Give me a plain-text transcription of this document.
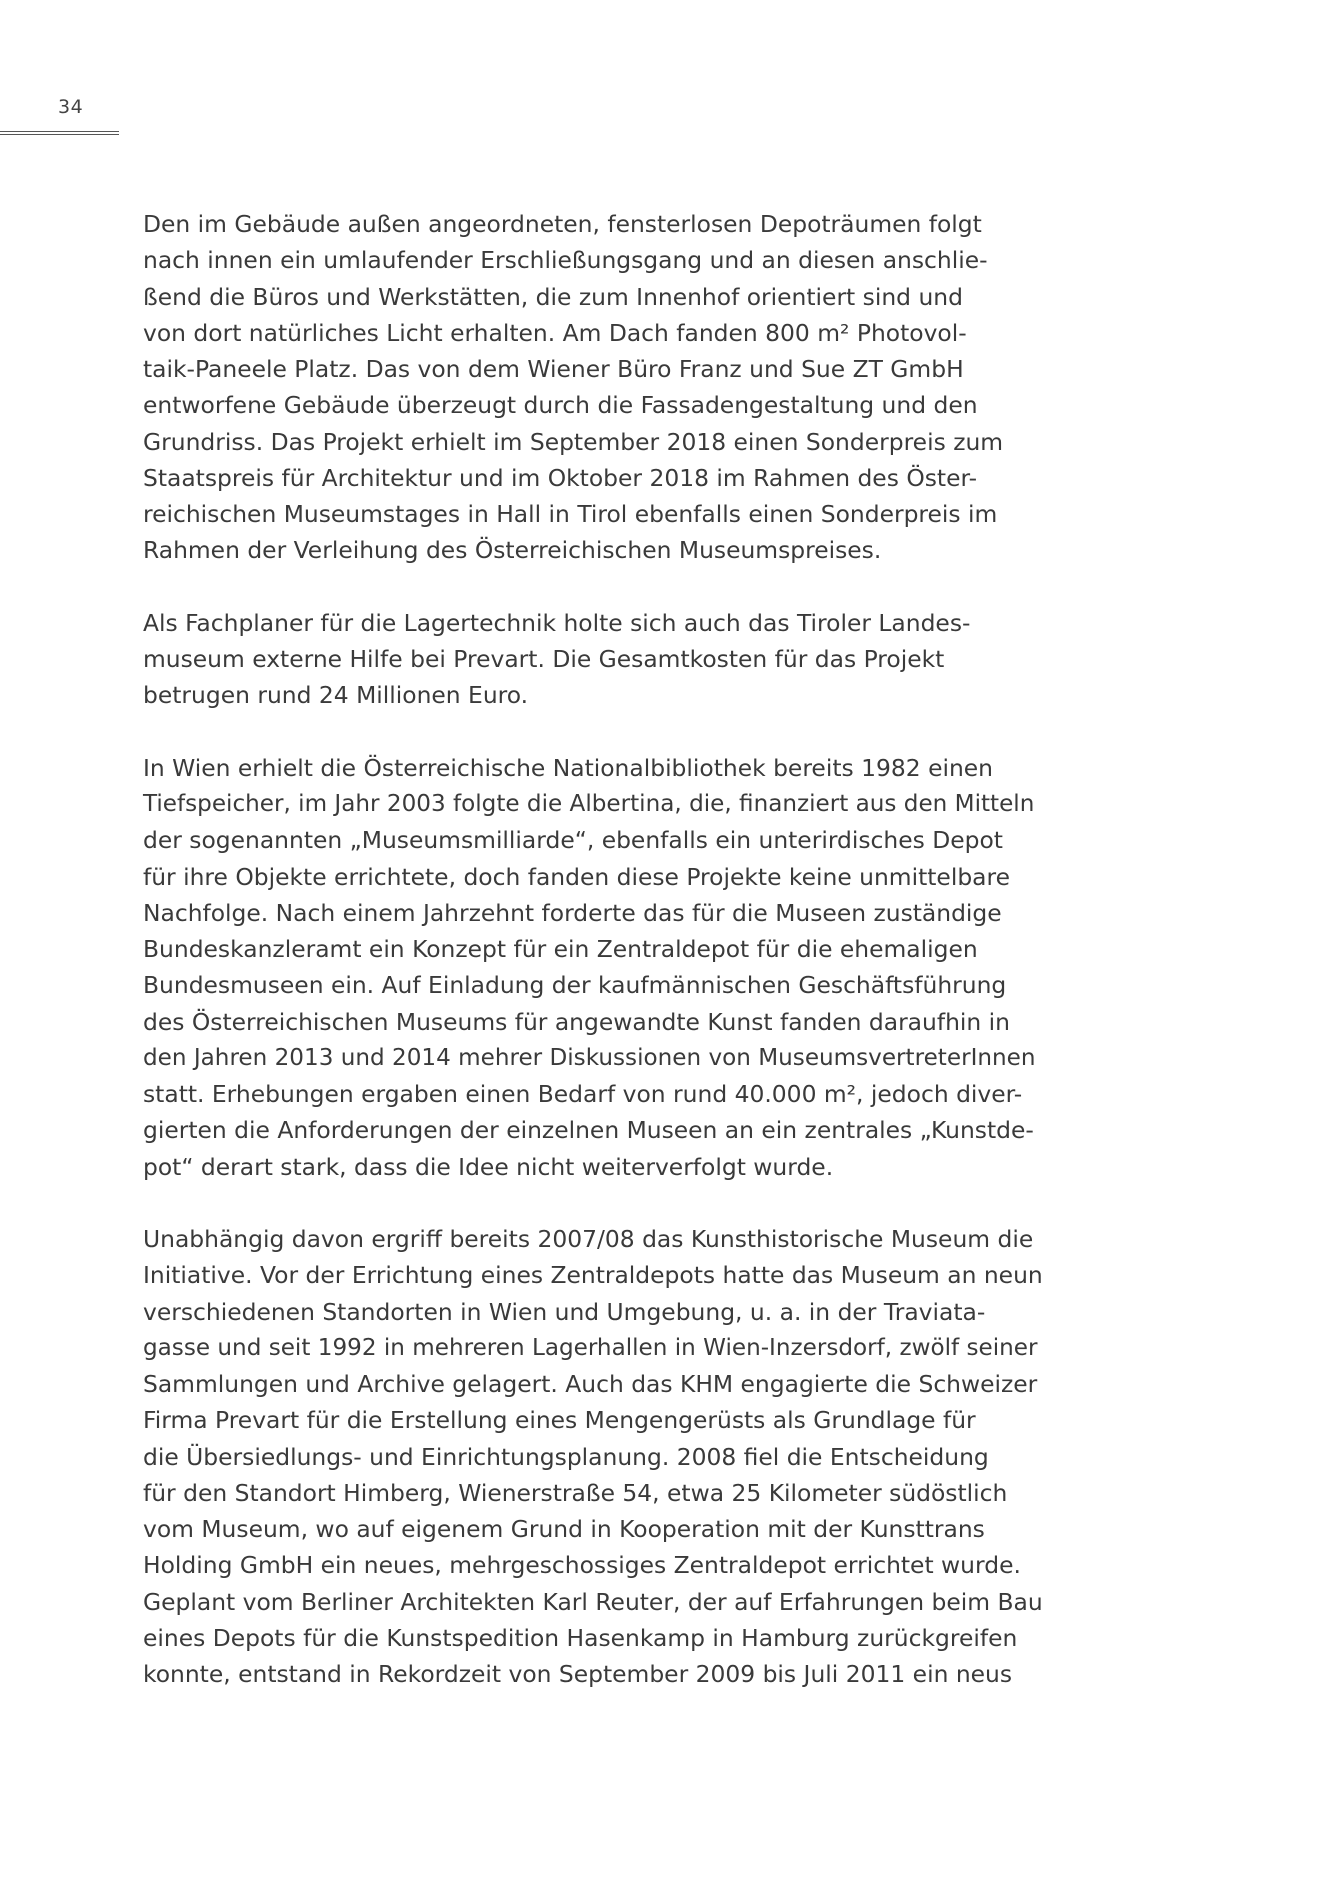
34
Den im Gebäude außen angeordneten, fensterlosen Depoträumen folgt
nach innen ein umlaufender Erschließungsgang und an diesen anschlie-
ßend die Büros und Werkstätten, die zum Innenhof orientiert sind und
von dort natürliches Licht erhalten. Am Dach fanden 800 m² Photovol-
taik-Paneele Platz. Das von dem Wiener Büro Franz und Sue ZT GmbH
entworfene Gebäude überzeugt durch die Fassadengestaltung und den
Grundriss. Das Projekt erhielt im September 2018 einen Sonderpreis zum
Staatspreis für Architektur und im Oktober 2018 im Rahmen des Öster-
reichischen Museumstages in Hall in Tirol ebenfalls einen Sonderpreis im
Rahmen der Verleihung des Österreichischen Museumspreises.
Als Fachplaner für die Lagertechnik holte sich auch das Tiroler Landes-
museum externe Hilfe bei Prevart. Die Gesamtkosten für das Projekt
betrugen rund 24 Millionen Euro.
In Wien erhielt die Österreichische Nationalbibliothek bereits 1982 einen
Tiefspeicher, im Jahr 2003 folgte die Albertina, die, finanziert aus den Mitteln
der sogenannten „Museumsmilliarde“, ebenfalls ein unterirdisches Depot
für ihre Objekte errichtete, doch fanden diese Projekte keine unmittelbare
Nachfolge. Nach einem Jahrzehnt forderte das für die Museen zuständige
Bundeskanzleramt ein Konzept für ein Zentraldepot für die ehemaligen
Bundesmuseen ein. Auf Einladung der kaufmännischen Geschäftsführung
des Österreichischen Museums für angewandte Kunst fanden daraufhin in
den Jahren 2013 und 2014 mehrer Diskussionen von MuseumsvertreterInnen
statt. Erhebungen ergaben einen Bedarf von rund 40.000 m², jedoch diver-
gierten die Anforderungen der einzelnen Museen an ein zentrales „Kunstde-
pot“ derart stark, dass die Idee nicht weiterverfolgt wurde.
Unabhängig davon ergriff bereits 2007/08 das Kunsthistorische Museum die
Initiative. Vor der Errichtung eines Zentraldepots hatte das Museum an neun
verschiedenen Standorten in Wien und Umgebung, u. a. in der Traviata-
gasse und seit 1992 in mehreren Lagerhallen in Wien-Inzersdorf, zwölf seiner
Sammlungen und Archive gelagert. Auch das KHM engagierte die Schweizer
Firma Prevart für die Erstellung eines Mengengerüsts als Grundlage für
die Übersiedlungs- und Einrichtungsplanung. 2008 fiel die Entscheidung
für den Standort Himberg, Wienerstraße 54, etwa 25 Kilometer südöstlich
vom Museum, wo auf eigenem Grund in Kooperation mit der Kunsttrans
Holding GmbH ein neues, mehrgeschossiges Zentraldepot errichtet wurde.
Geplant vom Berliner Architekten Karl Reuter, der auf Erfahrungen beim Bau
eines Depots für die Kunstspedition Hasenkamp in Hamburg zurückgreifen
konnte, entstand in Rekordzeit von September 2009 bis Juli 2011 ein neus
